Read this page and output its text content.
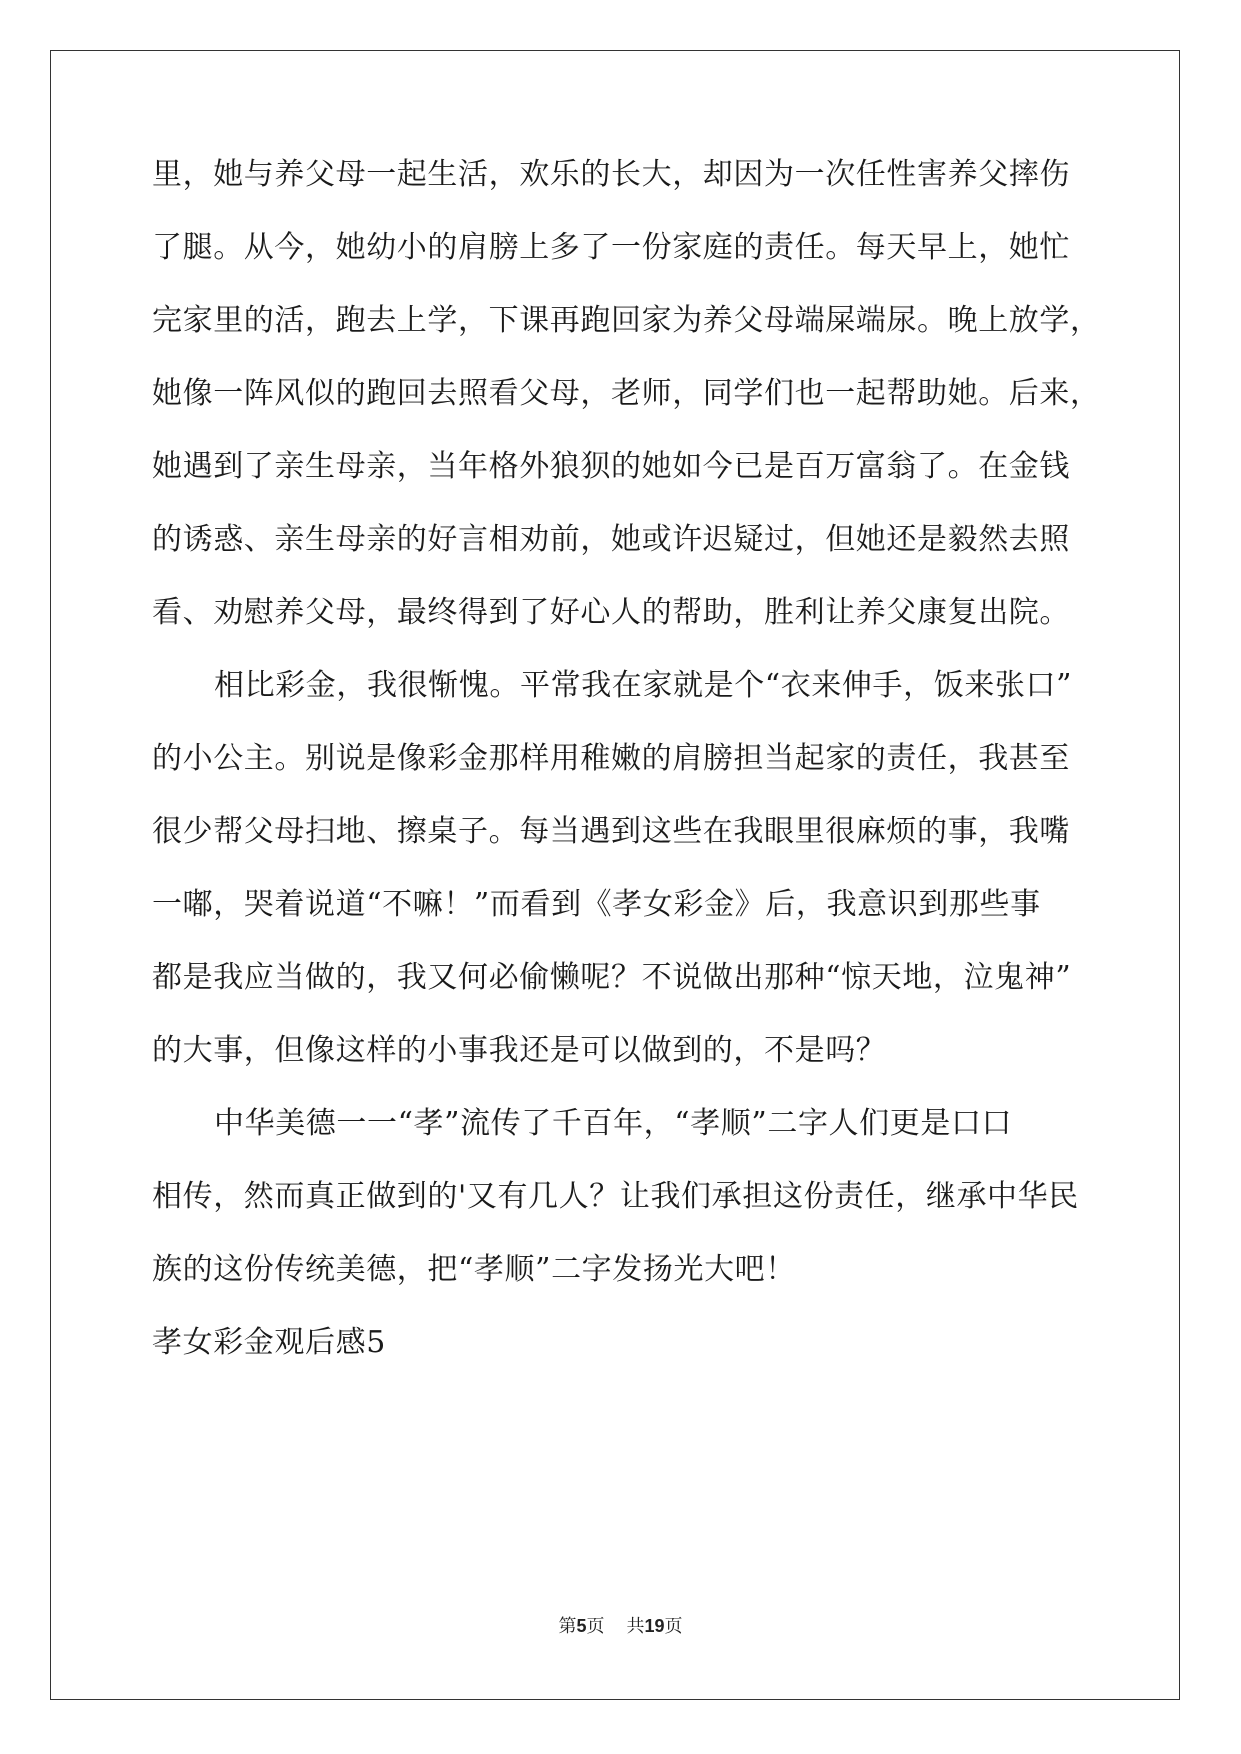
里，她与养父母一起生活，欢乐的长大，却因为一次任性害养父摔伤
了腿。从今，她幼小的肩膀上多了一份家庭的责任。每天早上，她忙
完家里的活，跑去上学，下课再跑回家为养父母端屎端尿。晚上放学，
她像一阵风似的跑回去照看父母，老师，同学们也一起帮助她。后来，
她遇到了亲生母亲，当年格外狼狈的她如今已是百万富翁了。在金钱
的诱惑、亲生母亲的好言相劝前，她或许迟疑过，但她还是毅然去照
看、劝慰养父母，最终得到了好心人的帮助，胜利让养父康复出院。
相比彩金，我很惭愧。平常我在家就是个“衣来伸手，饭来张口”
的小公主。别说是像彩金那样用稚嫩的肩膀担当起家的责任，我甚至
很少帮父母扫地、擦桌子。每当遇到这些在我眼里很麻烦的事，我嘴
一嘟，哭着说道“不嘛！”而看到《孝女彩金》后，我意识到那些事
都是我应当做的，我又何必偷懒呢？不说做出那种“惊天地，泣鬼神”
的大事，但像这样的小事我还是可以做到的，不是吗？
中华美德一一“孝”流传了千百年，“孝顺”二字人们更是口口
相传，然而真正做到的'又有几人？让我们承担这份责任，继承中华民
族的这份传统美德，把“孝顺”二字发扬光大吧！
孝女彩金观后感5
第5页 共19页
